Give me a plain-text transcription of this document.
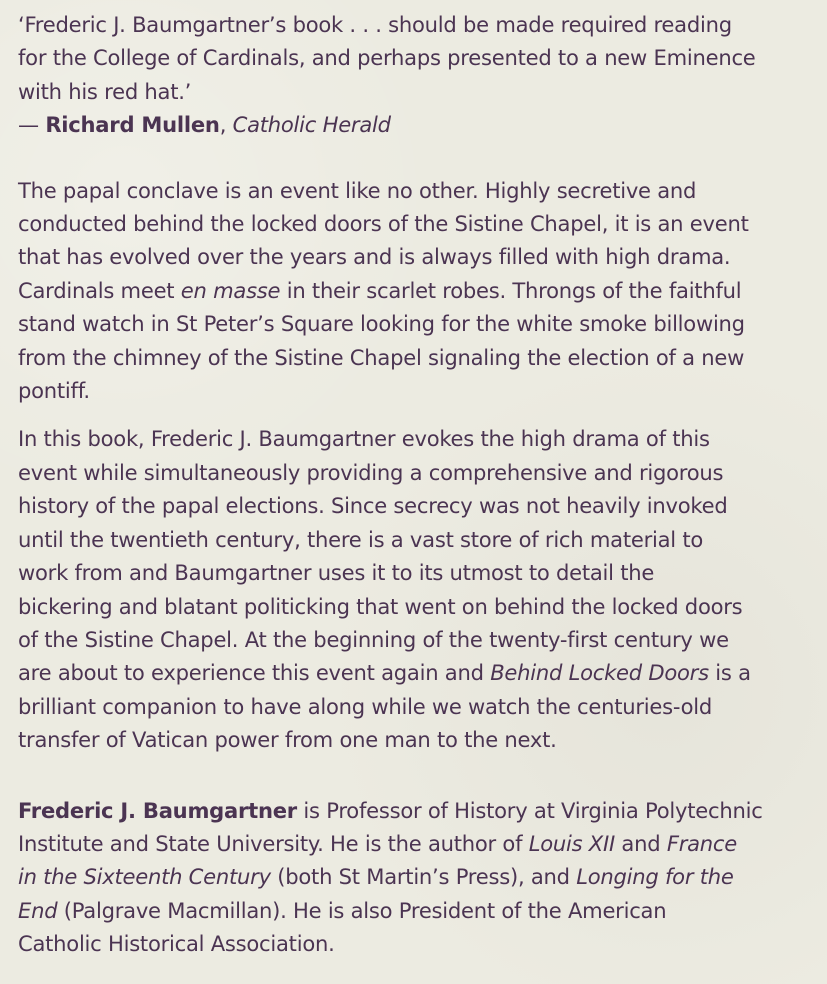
‘Frederic J. Baumgartner’s book . . . should be made required reading
for the College of Cardinals, and perhaps presented to a new Eminence
with his red hat.’
— Richard Mullen, Catholic Herald
The papal conclave is an event like no other. Highly secretive and
conducted behind the locked doors of the Sistine Chapel, it is an event
that has evolved over the years and is always filled with high drama.
Cardinals meet en masse in their scarlet robes. Throngs of the faithful
stand watch in St Peter’s Square looking for the white smoke billowing
from the chimney of the Sistine Chapel signaling the election of a new
pontiff.
In this book, Frederic J. Baumgartner evokes the high drama of this
event while simultaneously providing a comprehensive and rigorous
history of the papal elections. Since secrecy was not heavily invoked
until the twentieth century, there is a vast store of rich material to
work from and Baumgartner uses it to its utmost to detail the
bickering and blatant politicking that went on behind the locked doors
of the Sistine Chapel. At the beginning of the twenty-first century we
are about to experience this event again and Behind Locked Doors is a
brilliant companion to have along while we watch the centuries-old
transfer of Vatican power from one man to the next.
Frederic J. Baumgartner is Professor of History at Virginia Polytechnic
Institute and State University. He is the author of Louis XII and France
in the Sixteenth Century (both St Martin’s Press), and Longing for the
End (Palgrave Macmillan). He is also President of the American
Catholic Historical Association.
